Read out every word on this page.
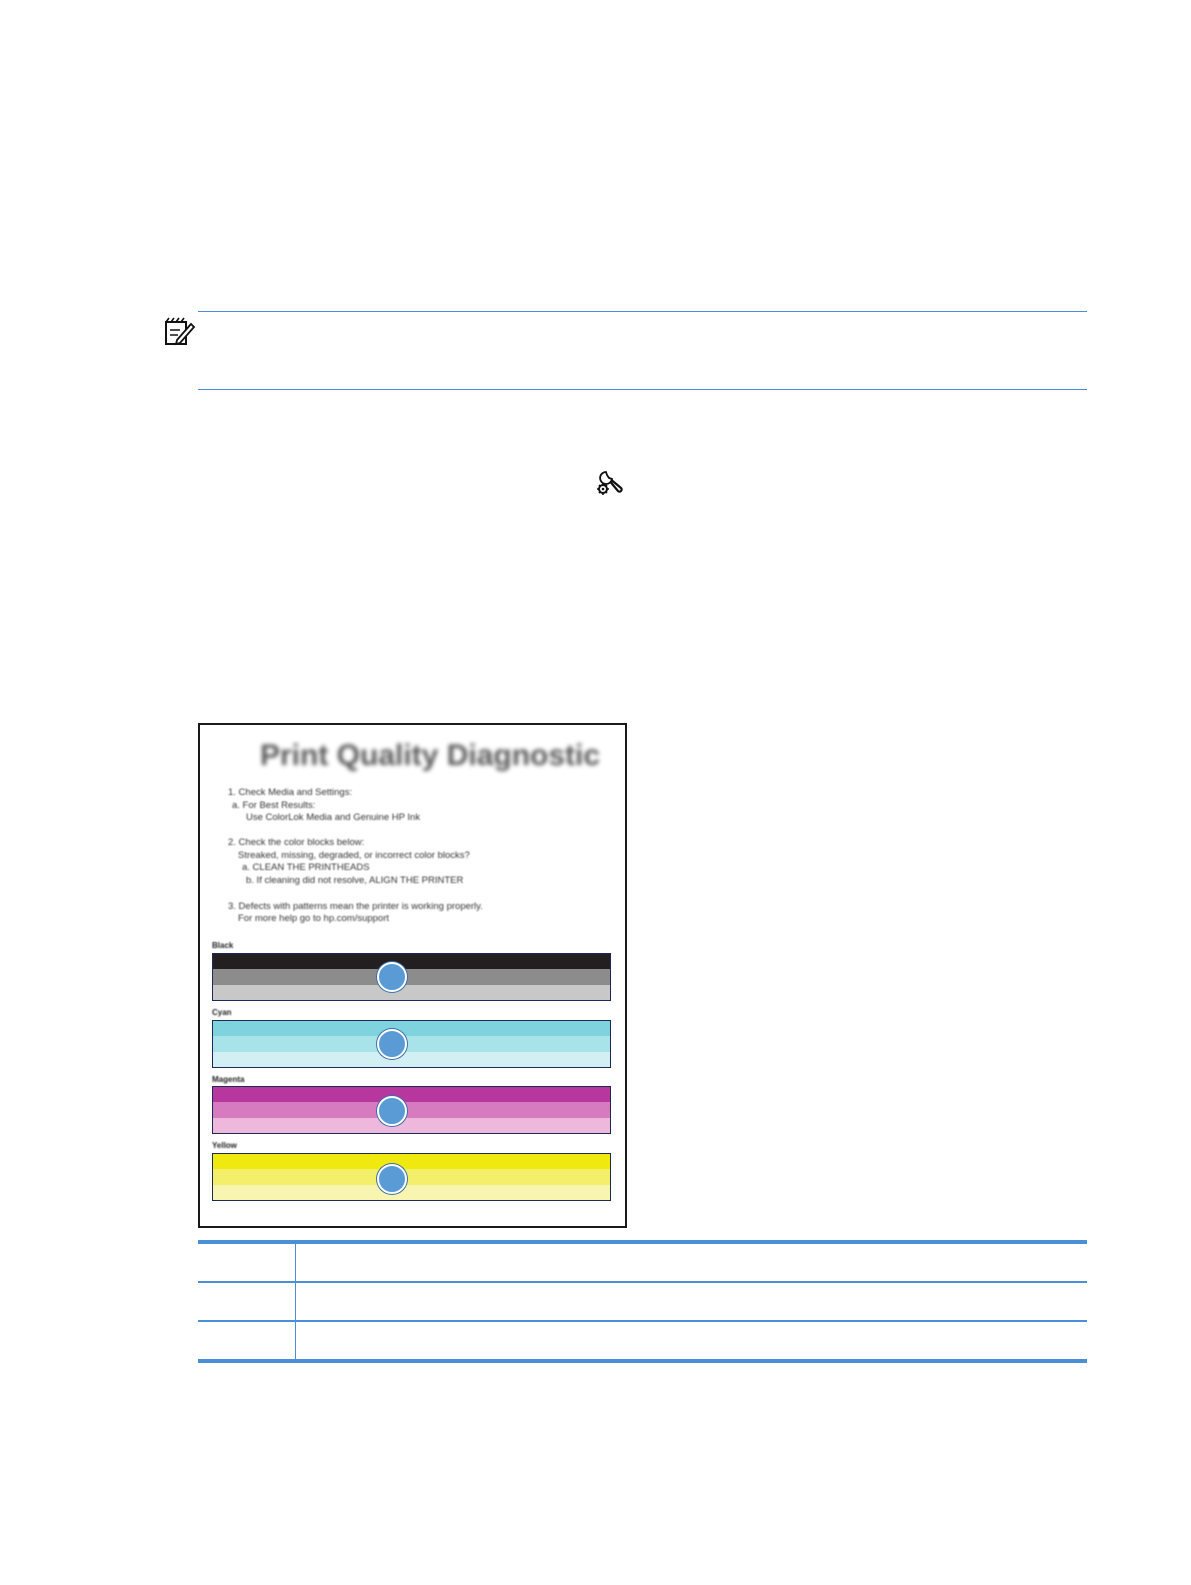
Print Quality Diagnostic
1. Check Media and Settings:
a. For Best Results:
Use ColorLok Media and Genuine HP Ink
2. Check the color blocks below:
Streaked, missing, degraded, or incorrect color blocks?
a. CLEAN THE PRINTHEADS
b. If cleaning did not resolve, ALIGN THE PRINTER
3. Defects with patterns mean the printer is working properly.
For more help go to hp.com/support
Black
Cyan
Magenta
Yellow
